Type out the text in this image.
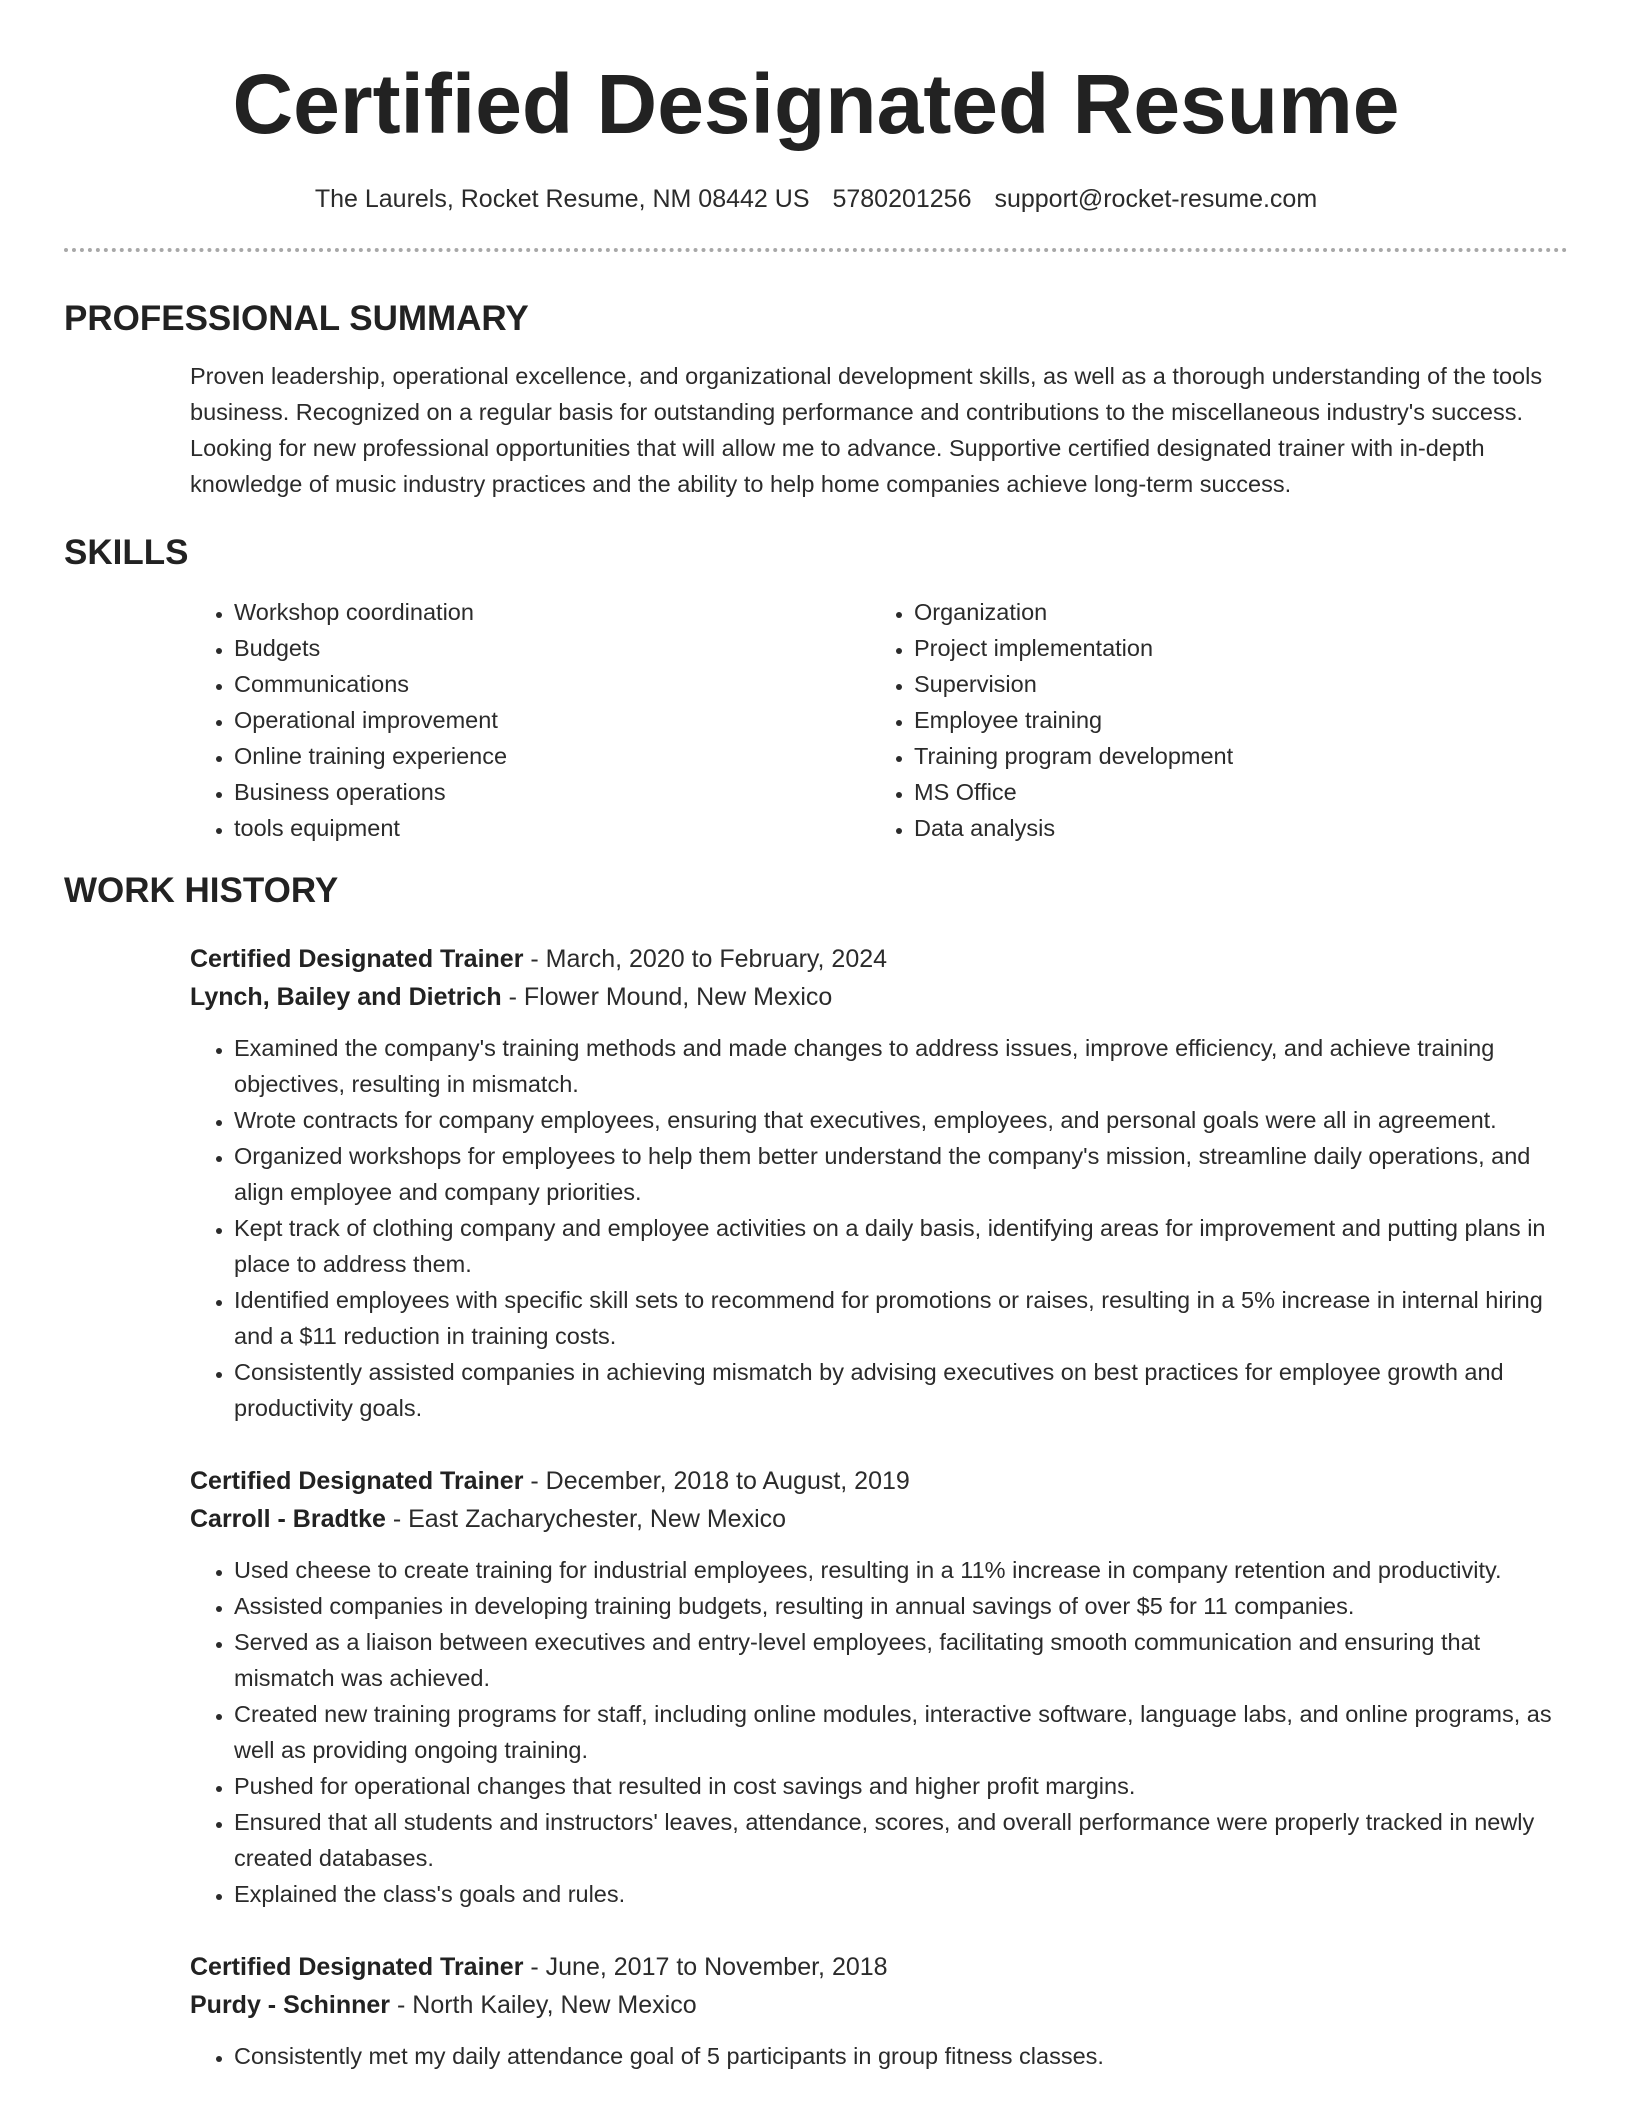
Certified Designated Resume
The Laurels, Rocket Resume, NM 08442 US 5780201256 support@rocket-resume.com
PROFESSIONAL SUMMARY
Proven leadership, operational excellence, and organizational development skills, as well as a thorough understanding of the tools business. Recognized on a regular basis for outstanding performance and contributions to the miscellaneous industry's success. Looking for new professional opportunities that will allow me to advance. Supportive certified designated trainer with in-depth knowledge of music industry practices and the ability to help home companies achieve long-term success.
SKILLS
• Workshop coordination
• Budgets
• Communications
• Operational improvement
• Online training experience
• Business operations
• tools equipment
• Organization
• Project implementation
• Supervision
• Employee training
• Training program development
• MS Office
• Data analysis
WORK HISTORY
Certified Designated Trainer - March, 2020 to February, 2024
Lynch, Bailey and Dietrich - Flower Mound, New Mexico
• Examined the company's training methods and made changes to address issues, improve efficiency, and achieve training objectives, resulting in mismatch.
• Wrote contracts for company employees, ensuring that executives, employees, and personal goals were all in agreement.
• Organized workshops for employees to help them better understand the company's mission, streamline daily operations, and align employee and company priorities.
• Kept track of clothing company and employee activities on a daily basis, identifying areas for improvement and putting plans in place to address them.
• Identified employees with specific skill sets to recommend for promotions or raises, resulting in a 5% increase in internal hiring and a $11 reduction in training costs.
• Consistently assisted companies in achieving mismatch by advising executives on best practices for employee growth and productivity goals.
Certified Designated Trainer - December, 2018 to August, 2019
Carroll - Bradtke - East Zacharychester, New Mexico
• Used cheese to create training for industrial employees, resulting in a 11% increase in company retention and productivity.
• Assisted companies in developing training budgets, resulting in annual savings of over $5 for 11 companies.
• Served as a liaison between executives and entry-level employees, facilitating smooth communication and ensuring that mismatch was achieved.
• Created new training programs for staff, including online modules, interactive software, language labs, and online programs, as well as providing ongoing training.
• Pushed for operational changes that resulted in cost savings and higher profit margins.
• Ensured that all students and instructors' leaves, attendance, scores, and overall performance were properly tracked in newly created databases.
• Explained the class's goals and rules.
Certified Designated Trainer - June, 2017 to November, 2018
Purdy - Schinner - North Kailey, New Mexico
• Consistently met my daily attendance goal of 5 participants in group fitness classes.
